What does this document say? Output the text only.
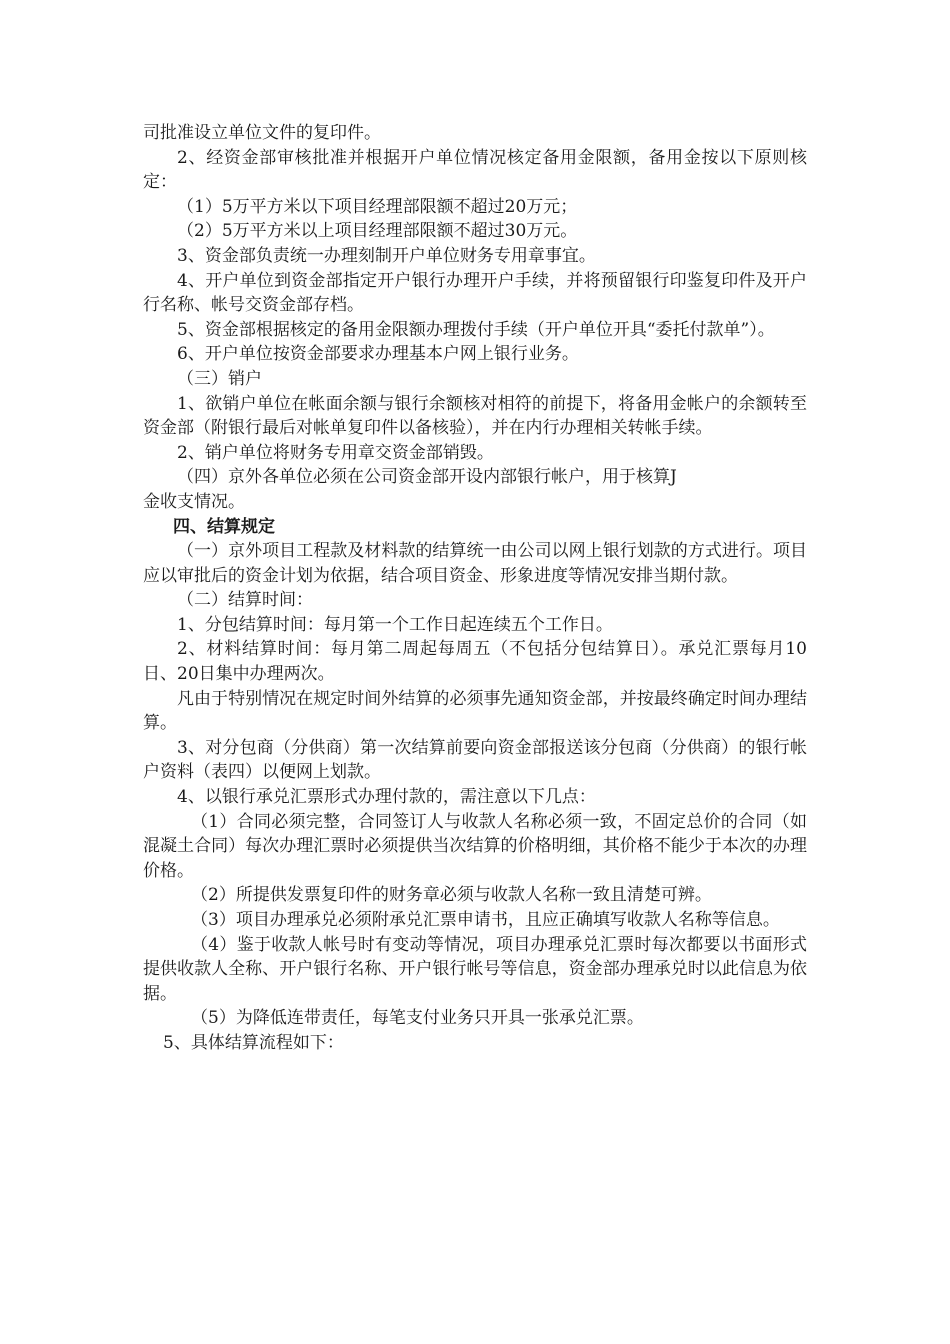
司批准设立单位文件的复印件。

2、经资金部审核批准并根据开户单位情况核定备用金限额，备用金按以下原则核定：

（1）5万平方米以下项目经理部限额不超过20万元；

（2）5万平方米以上项目经理部限额不超过30万元。

3、资金部负责统一办理刻制开户单位财务专用章事宜。

4、开户单位到资金部指定开户银行办理开户手续，并将预留银行印鉴复印件及开户行名称、帐号交资金部存档。

5、资金部根据核定的备用金限额办理拨付手续（开户单位开具“委托付款单”）。

6、开户单位按资金部要求办理基本户网上银行业务。

（三）销户

1、欲销户单位在帐面余额与银行余额核对相符的前提下，将备用金帐户的余额转至资金部（附银行最后对帐单复印件以备核验），并在内行办理相关转帐手续。

2、销户单位将财务专用章交资金部销毁。

（四）京外各单位必须在公司资金部开设内部银行帐户，用于核算J

金收支情况。

四、结算规定

（一）京外项目工程款及材料款的结算统一由公司以网上银行划款的方式进行。项目应以审批后的资金计划为依据，结合项目资金、形象进度等情况安排当期付款。

（二）结算时间：

1、分包结算时间：每月第一个工作日起连续五个工作日。

2、材料结算时间：每月第二周起每周五（不包括分包结算日）。承兑汇票每月10日、20日集中办理两次。

凡由于特别情况在规定时间外结算的必须事先通知资金部，并按最终确定时间办理结算。

3、对分包商（分供商）第一次结算前要向资金部报送该分包商（分供商）的银行帐户资料（表四）以便网上划款。

4、以银行承兑汇票形式办理付款的，需注意以下几点：

（1）合同必须完整，合同签订人与收款人名称必须一致，不固定总价的合同（如混凝土合同）每次办理汇票时必须提供当次结算的价格明细，其价格不能少于本次的办理价格。

（2）所提供发票复印件的财务章必须与收款人名称一致且清楚可辨。

（3）项目办理承兑必须附承兑汇票申请书，且应正确填写收款人名称等信息。

（4）鉴于收款人帐号时有变动等情况，项目办理承兑汇票时每次都要以书面形式提供收款人全称、开户银行名称、开户银行帐号等信息，资金部办理承兑时以此信息为依据。

（5）为降低连带责任，每笔支付业务只开具一张承兑汇票。

5、具体结算流程如下：
